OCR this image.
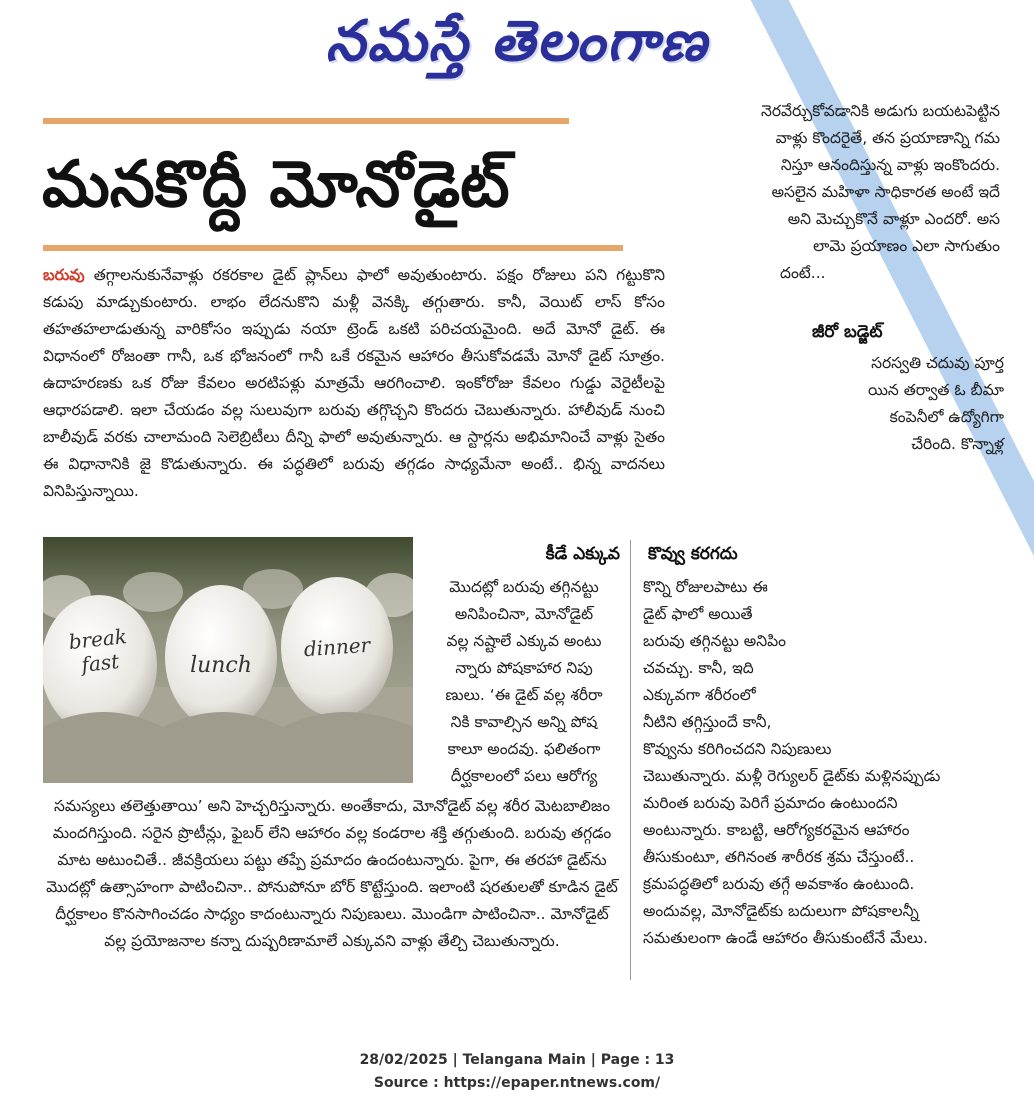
నమస్తే తెలంగాణ
మనకొద్దీ మోనోడైట్

నెరవేర్చుకోవడానికి అడుగు బయటపెట్టిన

వాళ్లు కొందరైతే, తన ప్రయాణాన్ని గమ

నిస్తూ ఆనందిస్తున్న వాళ్లు ఇంకొందరు.

అసలైన మహిళా సాధికారత అంటే ఇదే

అని మెచ్చుకొనే వాళ్లూ ఎందరో. అస

లామె ప్రయాణం ఎలా సాగుతుం

దంటే...

జీరో బడ్జెట్

సరస్వతి చదువు పూర్త

యిన తర్వాత ఓ బీమా

కంపెనీలో ఉద్యోగిగా

చేరింది. కొన్నాళ్ల

బరువు తగ్గాలనుకునేవాళ్లు రకరకాల డైట్ ప్లాన్‌లు ఫాలో అవుతుంటారు. పక్షం రోజులు పని గట్టుకొని కడుపు మాడ్చుకుంటారు. లాభం లేదనుకొని మళ్లీ వెనక్కి తగ్గుతారు. కానీ, వెయిట్ లాస్ కోసం తహతహలాడుతున్న వారికోసం ఇప్పుడు నయా ట్రెండ్ ఒకటి పరిచయమైంది. అదే మోనో డైట్. ఈ విధానంలో రోజంతా గానీ, ఒక భోజనంలో గానీ ఒకే రకమైన ఆహారం తీసుకోవడమే మోనో డైట్ సూత్రం. ఉదాహరణకు ఒక రోజు కేవలం అరటిపళ్లు మాత్రమే ఆరగించాలి. ఇంకోరోజు కేవలం గుడ్డు వెరైటీలపై ఆధారపడాలి. ఇలా చేయడం వల్ల సులువుగా బరువు తగ్గొచ్చని కొందరు చెబుతున్నారు. హాలీవుడ్ నుంచి బాలీవుడ్ వరకు చాలామంది సెలెబ్రిటీలు దీన్ని ఫాలో అవుతున్నారు. ఆ స్టార్లను అభిమానించే వాళ్లు సైతం ఈ విధానానికి జై కొడుతున్నారు. ఈ పద్ధతిలో బరువు తగ్గడం సాధ్యమేనా అంటే.. భిన్న వాదనలు వినిపిస్తున్నాయి.
break fast	lunch
dinner
కీడే ఎక్కువ

మొదట్లో బరువు తగ్గినట్టు

అనిపించినా, మోనోడైట్

వల్ల నష్టాలే ఎక్కువ అంటు

న్నారు పోషకాహార నిపు

ణులు. ‘ఈ డైట్ వల్ల శరీరా

నికి కావాల్సిన అన్ని పోష

కాలూ అందవు. ఫలితంగా

దీర్ఘకాలంలో పలు ఆరోగ్య

సమస్యలు తలెత్తుతాయి’ అని హెచ్చరిస్తున్నారు. అంతేకాదు, మోనోడైట్ వల్ల శరీర మెటబాలిజం మందగిస్తుంది. సరైన ప్రొటీన్లు, ఫైబర్ లేని ఆహారం వల్ల కండరాల శక్తి తగ్గుతుంది. బరువు తగ్గడం మాట అటుంచితే.. జీవక్రియలు పట్టు తప్పే ప్రమాదం ఉందంటున్నారు. పైగా, ఈ తరహా డైట్‌ను మొదట్లో ఉత్సాహంగా పాటించినా.. పోనుపోనూ బోర్ కొట్టేస్తుంది. ఇలాంటి షరతులతో కూడిన డైట్ దీర్ఘకాలం కొనసాగించడం సాధ్యం కాదంటున్నారు నిపుణులు. మొండిగా పాటించినా.. మోనోడైట్ వల్ల ప్రయోజనాల కన్నా దుష్పరిణామాలే ఎక్కువని వాళ్లు తేల్చి చెబుతున్నారు.
కొవ్వు కరగదు

కొన్ని రోజులపాటు ఈ

డైట్ ఫాలో అయితే

బరువు తగ్గినట్టు అనిపిం

చవచ్చు. కానీ, ఇది

ఎక్కువగా శరీరంలో

నీటిని తగ్గిస్తుందే కానీ,

కొవ్వును కరిగించదని నిపుణులు

చెబుతున్నారు. మళ్లీ రెగ్యులర్ డైట్‌కు మళ్లినప్పుడు మరింత బరువు పెరిగే ప్రమాదం ఉంటుందని అంటున్నారు. కాబట్టి, ఆరోగ్యకరమైన ఆహారం తీసుకుంటూ, తగినంత శారీరక శ్రమ చేస్తుంటే.. క్రమపద్ధతిలో బరువు తగ్గే అవకాశం ఉంటుంది. అందువల్ల, మోనోడైట్‌కు బదులుగా పోషకాలన్నీ సమతులంగా ఉండే ఆహారం తీసుకుంటేనే మేలు.
28/02/2025 | Telangana Main | Page : 13
Source : https://epaper.ntnews.com/
